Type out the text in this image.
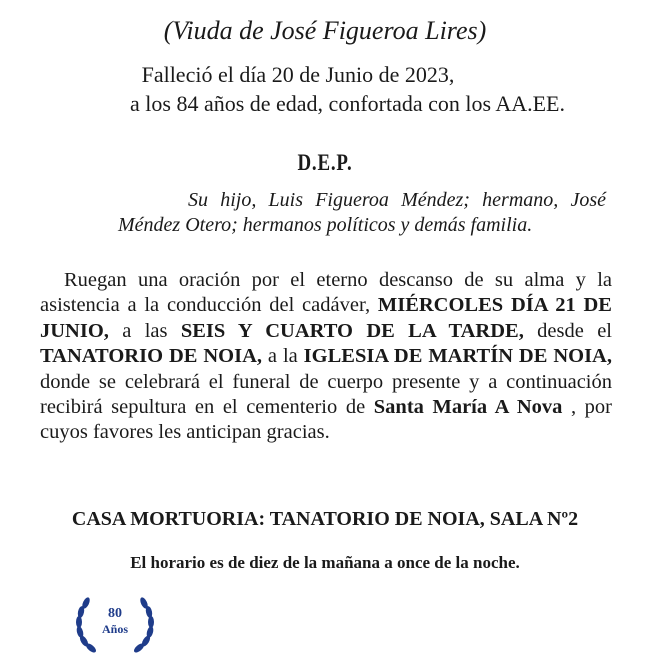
(Viuda de José Figueroa Lires)
Falleció el día 20 de Junio de 2023,
a los 84 años de edad, confortada con los AA.EE.
D.E.P.
Su hijo, Luis Figueroa Méndez; hermano, José Méndez Otero; hermanos políticos y demás familia.
Ruegan una oración por el eterno descanso de su alma y la asistencia a la conducción del cadáver, MIÉRCOLES DÍA 21 DE JUNIO, a las SEIS Y CUARTO DE LA TARDE, desde el TANATORIO DE NOIA, a la IGLESIA DE MARTÍN DE NOIA, donde se celebrará el funeral de cuerpo presente y a continuación recibirá sepultura en el cementerio de Santa María A Nova , por cuyos favores les anticipan gracias.
CASA MORTUORIA: TANATORIO DE NOIA, SALA Nº2
El horario es de diez de la mañana a once de la noche.
80
Años
